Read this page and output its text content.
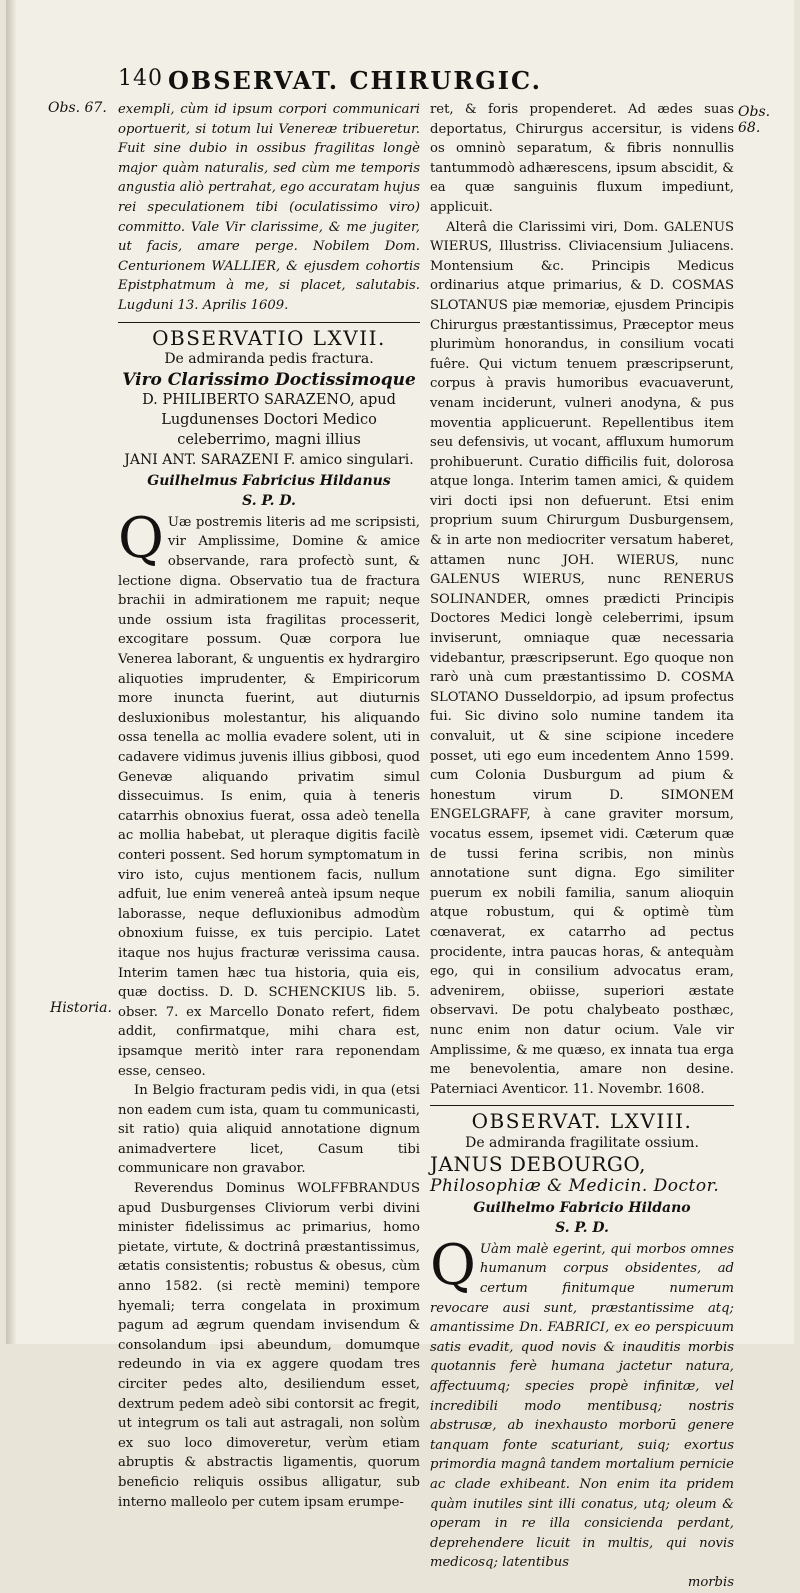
140 OBSERVAT. CHIRURGIC.
Obs. 67.	Obs. 68.
Historia.

exempli, cùm id ipsum corpori communicari oportuerit, si totum lui Venereæ tribueretur. Fuit sine dubio in ossibus fragilitas longè major quàm naturalis, sed cùm me temporis angustia aliò pertrahat, ego accuratam hujus rei speculationem tibi (oculatissimo viro) committo. Vale Vir clarissime, & me jugiter, ut facis, amare perge. Nobilem Dom. Centurionem WALLIER, & ejusdem cohortis Epistphatmum à me, si placet, salutabis. Lugduni 13. Aprilis 1609.

OBSERVATIO LXVII.
De admiranda pedis fractura.
Viro Clarissimo Doctissimoque
D. PHILIBERTO SARAZENO, apud Lugdunenses Doctori Medico celeberrimo, magni illius
JANI ANT. SARAZENI F. amico singulari.
Guilhelmus Fabricius Hildanus
S. P. D.
Q Uæ postremis literis ad me scripsisti, vir Amplissime, Domine & amice observande, rara profectò sunt, & lectione digna. Observatio tua de fractura brachii in admirationem me rapuit; neque unde ossium ista fragilitas processerit, excogitare possum. Quæ corpora lue Venerea laborant, & unguentis ex hydrargiro aliquoties imprudenter, & Empiricorum more inuncta fuerint, aut diuturnis desluxionibus molestantur, his aliquando ossa tenella ac mollia evadere solent, uti in cadavere vidimus juvenis illius gibbosi, quod Genevæ aliquando privatim simul dissecuimus. Is enim, quia à teneris catarrhis obnoxius fuerat, ossa adeò tenella ac mollia habebat, ut pleraque digitis facilè conteri possent. Sed horum symptomatum in viro isto, cujus mentionem facis, nullum adfuit, lue enim venereâ anteà ipsum neque laborasse, neque defluxionibus admodùm obnoxium fuisse, ex tuis percipio. Latet itaque nos hujus fracturæ verissima causa. Interim tamen hæc tua historia, quia eis, quæ doctiss. D. D. SCHENCKIUS lib. 5. obser. 7. ex Marcello Donato refert, fidem addit, confirmatque, mihi chara est, ipsamque meritò inter rara reponendam esse, censeo.

In Belgio fracturam pedis vidi, in qua (etsi non eadem cum ista, quam tu communicasti, sit ratio) quia aliquid annotatione dignum animadvertere licet, Casum tibi communicare non gravabor.

Reverendus Dominus WOLFFBRANDUS apud Dusburgenses Cliviorum verbi divini minister fidelissimus ac primarius, homo pietate, virtute, & doctrinâ præstantissimus, ætatis consistentis; robustus & obesus, cùm anno 1582. (si rectè memini) tempore hyemali; terra congelata in proximum pagum ad ægrum quendam invisendum & consolandum ipsi abeundum, domumque redeundo in via ex aggere quodam tres circiter pedes alto, desiliendum esset, dextrum pedem adeò sibi contorsit ac fregit, ut integrum os tali aut astragali, non solùm ex suo loco dimoveretur, verùm etiam abruptis & abstractis ligamentis, quorum beneficio reliquis ossibus alligatur, sub interno malleolo per cutem ipsam erumpe-

ret, & foris propenderet. Ad ædes suas deportatus, Chirurgus accersitur, is videns os omninò separatum, & fibris nonnullis tantummodò adhærescens, ipsum abscidit, & ea quæ sanguinis fluxum impediunt, applicuit.

Alterâ die Clarissimi viri, Dom. GALENUS WIERUS, Illustriss. Cliviacensium Juliacens. Montensium &c. Principis Medicus ordinarius atque primarius, & D. COSMAS SLOTANUS piæ memoriæ, ejusdem Principis Chirurgus præstantissimus, Præceptor meus plurimùm honorandus, in consilium vocati fuêre. Qui victum tenuem præscripserunt, corpus à pravis humoribus evacuaverunt, venam inciderunt, vulneri anodyna, & pus moventia applicuerunt. Repellentibus item seu defensivis, ut vocant, affluxum humorum prohibuerunt. Curatio difficilis fuit, dolorosa atque longa. Interim tamen amici, & quidem viri docti ipsi non defuerunt. Etsi enim proprium suum Chirurgum Dusburgensem, & in arte non mediocriter versatum haberet, attamen nunc JOH. WIERUS, nunc GALENUS WIERUS, nunc RENERUS SOLINANDER, omnes prædicti Principis Doctores Medici longè celeberrimi, ipsum inviserunt, omniaque quæ necessaria videbantur, præscripserunt. Ego quoque non rarò unà cum præstantissimo D. COSMA SLOTANO Dusseldorpio, ad ipsum profectus fui. Sic divino solo numine tandem ita convaluit, ut & sine scipione incedere posset, uti ego eum incedentem Anno 1599. cum Colonia Dusburgum ad pium & honestum virum D. SIMONEM ENGELGRAFF, à cane graviter morsum, vocatus essem, ipsemet vidi. Cæterum quæ de tussi ferina scribis, non minùs annotatione sunt digna. Ego similiter puerum ex nobili familia, sanum alioquin atque robustum, qui & optimè tùm cœnaverat, ex catarrho ad pectus procidente, intra paucas horas, & antequàm ego, qui in consilium advocatus eram, advenirem, obiisse, superiori æstate observavi. De potu chalybeato posthæc, nunc enim non datur ocium. Vale vir Amplissime, & me quæso, ex innata tua erga me benevolentia, amare non desine. Paterniaci Aventicor. 11. Novembr. 1608.

OBSERVAT. LXVIII.
De admiranda fragilitate ossium.
JANUS DEBOURGO, Philosophiæ & Medicin. Doctor.
Guilhelmo Fabricio Hildano
S. P. D.
Q Uàm malè egerint, qui morbos omnes humanum corpus obsidentes, ad certum finitumque numerum revocare ausi sunt, præstantissime atq; amantissime Dn. FABRICI, ex eo perspicuum satis evadit, quod novis & inauditis morbis quotannis ferè humana jactetur natura, affectuumq; species propè infinitæ, vel incredibili modo mentibusq; nostris abstrusæ, ab inexhausto morborū genere tanquam fonte scaturiant, suiq; exortus primordia magnâ tandem mortalium pernicie ac clade exhibeant. Non enim ita pridem quàm inutiles sint illi conatus, utq; oleum & operam in re illa consicienda perdant, deprehendere licuit in multis, qui novis medicosq; latentibus

morbis
